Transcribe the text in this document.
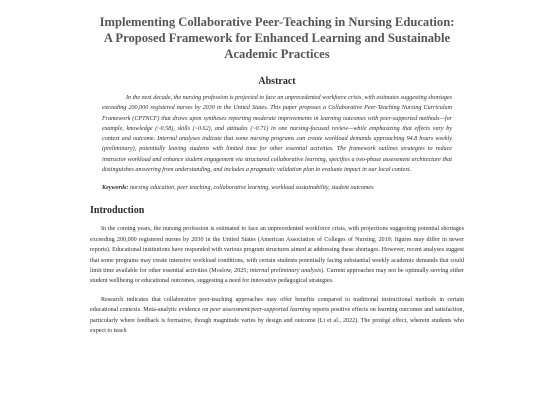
Implementing Collaborative Peer-Teaching in Nursing Education: A Proposed Framework for Enhanced Learning and Sustainable Academic Practices
Abstract

In the next decade, the nursing profession is projected to face an unprecedented workforce crisis, with estimates suggesting shortages exceeding 200,000 registered nurses by 2030 in the United States. This paper proposes a Collaborative Peer-Teaching Nursing Curriculum Framework (CPTNCF) that draws upon syntheses reporting moderate improvements in learning outcomes with peer-supported methods—for example, knowledge (~0.58), skills (~0.62), and attitudes (~0.71) in one nursing-focused review—while emphasizing that effects vary by context and outcome. Internal analyses indicate that some nursing programs can create workload demands approaching 94.8 hours weekly (preliminary), potentially leaving students with limited time for other essential activities. The framework outlines strategies to reduce instructor workload and enhance student engagement via structured collaborative learning, specifies a two-phase assessment architecture that distinguishes answering from understanding, and includes a pragmatic validation plan to evaluate impact in our local context.

Keywords: nursing education, peer teaching, collaborative learning, workload sustainability, student outcomes

Introduction

In the coming years, the nursing profession is estimated to face an unprecedented workforce crisis, with projections suggesting potential shortages exceeding 200,000 registered nurses by 2030 in the United States (American Association of Colleges of Nursing, 2019; figures may differ in newer reports). Educational institutions have responded with various program structures aimed at addressing these shortages. However, recent analyses suggest that some programs may create intensive workload conditions, with certain students potentially facing substantial weekly academic demands that could limit time available for other essential activities (Moslow, 2025; internal preliminary analysis). Current approaches may not be optimally serving either student wellbeing or educational outcomes, suggesting a need for innovative pedagogical strategies.

Research indicates that collaborative peer-teaching approaches may offer benefits compared to traditional instructional methods in certain educational contexts. Meta-analytic evidence on peer assessment/peer-supported learning reports positive effects on learning outcomes and satisfaction, particularly where feedback is formative, though magnitude varies by design and outcome (Li et al., 2022). The protégé effect, wherein students who expect to teach
